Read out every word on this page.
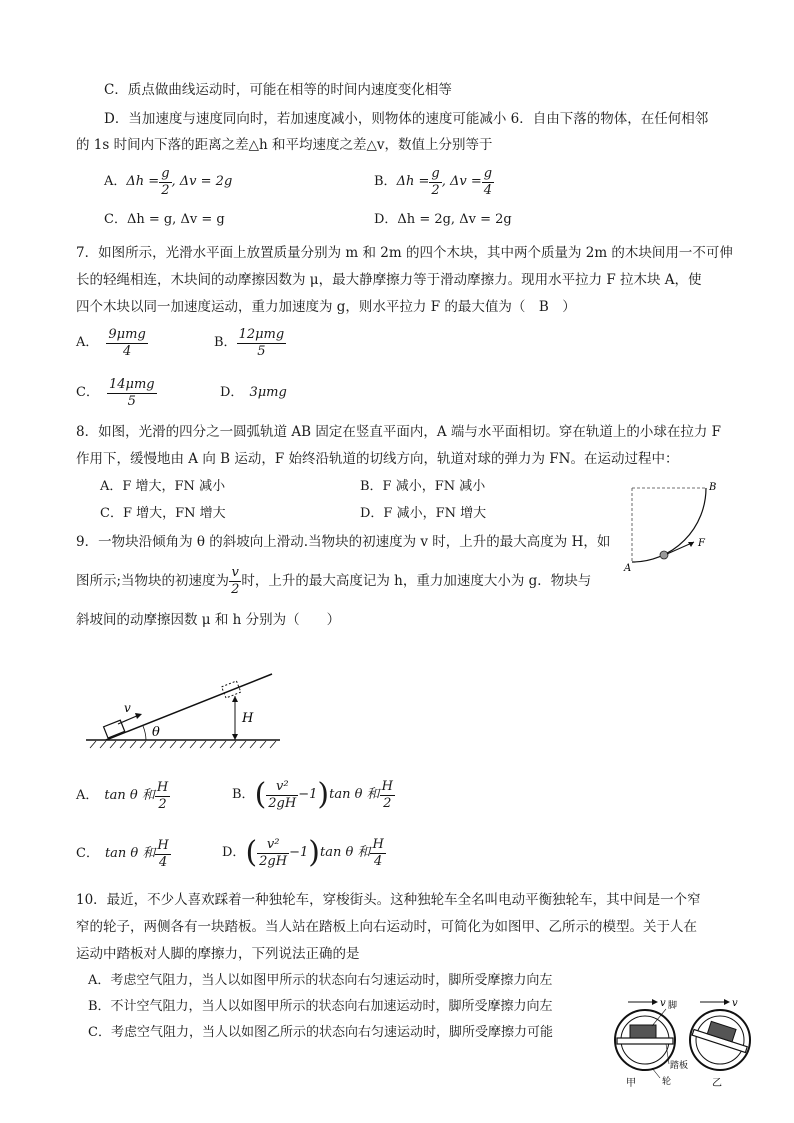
C．质点做曲线运动时，可能在相等的时间内速度变化相等
D．当加速度与速度同向时，若加速度减小，则物体的速度可能减小 6．自由下落的物体，在任何相邻
的 1s 时间内下落的距离之差△h 和平均速度之差△v，数值上分别等于
A． $\Delta h = \frac{g}{2}$ , Δv = 2g	B． $\Delta h = \frac{g}{2}$ , $\Delta v = \frac{g}{4}$
C．Δh = g, Δv = g	D．Δh = 2g, Δv = 2g
7．如图所示，光滑水平面上放置质量分别为 m 和 2m 的四个木块，其中两个质量为 2m 的木块间用一不可伸
长的轻绳相连，木块间的动摩擦因数为 μ，最大静摩擦力等于滑动摩擦力。现用水平拉力 F 拉木块 A，使
四个木块以同一加速度运动，重力加速度为 g，则水平拉力 F 的最大值为（　B　）
A． $\frac{\text{9μmg}}{4}$	B． $\frac{\text{12μmg}}{5}$
C． $\frac{\text{14μmg}}{5}$	D． 3μmg
8．如图，光滑的四分之一圆弧轨道 AB 固定在竖直平面内，A 端与水平面相切。穿在轨道上的小球在拉力 F
作用下，缓慢地由 A 向 B 运动，F 始终沿轨道的切线方向，轨道对球的弹力为 FN。在运动过程中：
A．F 增大，FN 减小	B．F 减小，FN 减小
C．F 增大，FN 增大	D．F 减小，FN 增大
A
B
F
9．一物块沿倾角为 θ 的斜坡向上滑动.当物块的初速度为 v 时，上升的最大高度为 H，如
图所示;当物块的初速度为 $\frac{v}{2}$ 时，上升的最大高度记为 h，重力加速度大小为 g．物块与
斜坡间的动摩擦因数 μ 和 h 分别为（　　）
v
H
θ
A． tan θ 和 $\frac{H}{2}$	B． ( $\frac{\text{v²}}{2gH} -1$ ) tan θ 和 $\frac{H}{2}$
C． tan θ 和 $\frac{H}{4}$	D． ( $\frac{\text{v²}}{2gH} -1$ ) tan θ 和 $\frac{H}{4}$
10．最近，不少人喜欢踩着一种独轮车，穿梭街头。这种独轮车全名叫电动平衡独轮车，其中间是一个窄
窄的轮子，两侧各有一块踏板。当人站在踏板上向右运动时，可简化为如图甲、乙所示的模型。关于人在
运动中踏板对人脚的摩擦力，下列说法正确的是
A．考虑空气阻力，当人以如图甲所示的状态向右匀速运动时，脚所受摩擦力向左
B．不计空气阻力，当人以如图甲所示的状态向右加速运动时，脚所受摩擦力向左
C．考虑空气阻力，当人以如图乙所示的状态向右匀速运动时，脚所受摩擦力可能
v 脚
踏板
轮
甲
v
乙
